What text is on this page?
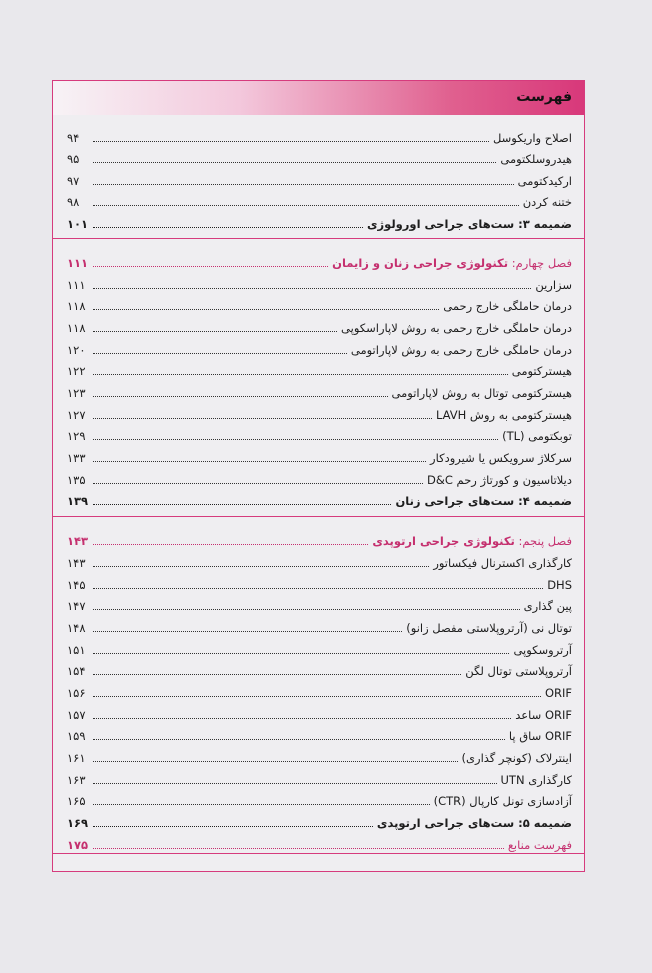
فهرست
اصلاح واریکوسل
۹۴
هیدروسلکتومی
۹۵
ارکیدکتومی
۹۷
ختنه کردن
۹۸
ضمیمه ۳: ست‌های جراحی اورولوژی
۱۰۱
فصل چهارم: تکنولوژی جراحی زنان و زایمان
۱۱۱
سزارین
۱۱۱
درمان حاملگی خارج رحمی
۱۱۸
درمان حاملگی خارج رحمی به روش لاپاراسکوپی
۱۱۸
درمان حاملگی خارج رحمی به روش لاپاراتومی
۱۲۰
هیسترکتومی
۱۲۲
هیسترکتومی توتال به روش لاپاراتومی
۱۲۳
هیسترکتومی به روش LAVH
۱۲۷
توبکتومی (TL)
۱۲۹
سرکلاژ سرویکس یا شیرودکار
۱۳۳
دیلاتاسیون و کورتاژ رحم D&C
۱۳۵
ضمیمه ۴: ست‌های جراحی زنان
۱۳۹
فصل پنجم: تکنولوژی جراحی ارتوپدی
۱۴۳
کارگذاری اکسترنال فیکساتور
۱۴۳
DHS
۱۴۵
پین گذاری
۱۴۷
توتال نی (آرتروپلاستی مفصل زانو)
۱۴۸
آرتروسکوپی
۱۵۱
آرتروپلاستی توتال لگن
۱۵۴
ORIF
۱۵۶
ORIF ساعد
۱۵۷
ORIF ساق پا
۱۵۹
اینترلاک (کونچر گذاری)
۱۶۱
کارگذاری UTN
۱۶۳
آزادسازی تونل کارپال (CTR)
۱۶۵
ضمیمه ۵: ست‌های جراحی ارتوپدی
۱۶۹
فهرست منابع
۱۷۵
